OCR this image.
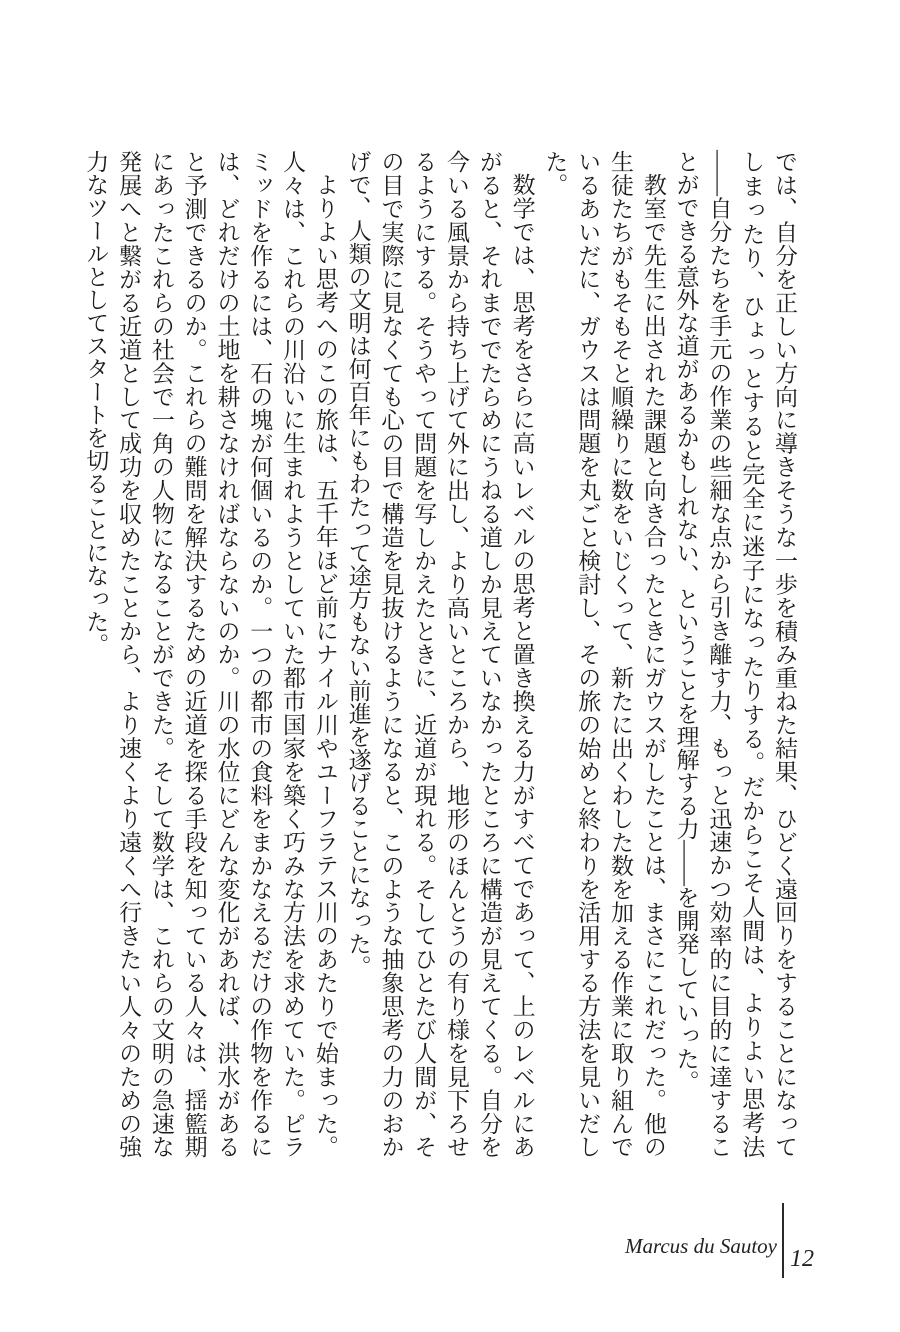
では、自分を正しい方向に導きそうな一歩を積み重ねた結果、ひどく遠回りをすることになってしまったり、ひょっとすると完全に迷子になったりする。だからこそ人間は、よりよい思考法——自分たちを手元の作業の些細な点から引き離す力、もっと迅速かつ効率的に目的に達することができる意外な道があるかもしれない、ということを理解する力——を開発していった。

教室で先生に出された課題と向き合ったときにガウスがしたことは、まさにこれだった。他の生徒たちがもそもそと順繰りに数をいじくって、新たに出くわした数を加える作業に取り組んでいるあいだに、ガウスは問題を丸ごと検討し、その旅の始めと終わりを活用する方法を見いだした。

数学では、思考をさらに高いレベルの思考と置き換える力がすべてであって、上のレベルにあがると、それまででたらめにうねる道しか見えていなかったところに構造が見えてくる。自分を今いる風景から持ち上げて外に出し、より高いところから、地形のほんとうの有り様を見下ろせるようにする。そうやって問題を写しかえたときに、近道が現れる。そしてひとたび人間が、その目で実際に見なくても心の目で構造を見抜けるようになると、このような抽象思考の力のおかげで、人類の文明は何百年にもわたって途方もない前進を遂げることになった。

よりよい思考へのこの旅は、五千年ほど前にナイル川やユーフラテス川のあたりで始まった。人々は、これらの川沿いに生まれようとしていた都市国家を築く巧みな方法を求めていた。ピラミッドを作るには、石の塊が何個いるのか。一つの都市の食料をまかなえるだけの作物を作るには、どれだけの土地を耕さなければならないのか。川の水位にどんな変化があれば、洪水があると予測できるのか。これらの難問を解決するための近道を探る手段を知っている人々は、揺籃期にあったこれらの社会で一角の人物になることができた。そして数学は、これらの文明の急速な発展へと繋がる近道として成功を収めたことから、より速くより遠くへ行きたい人々のための強力なツールとしてスタートを切ることになった。

Marcus du Sautoy 12
